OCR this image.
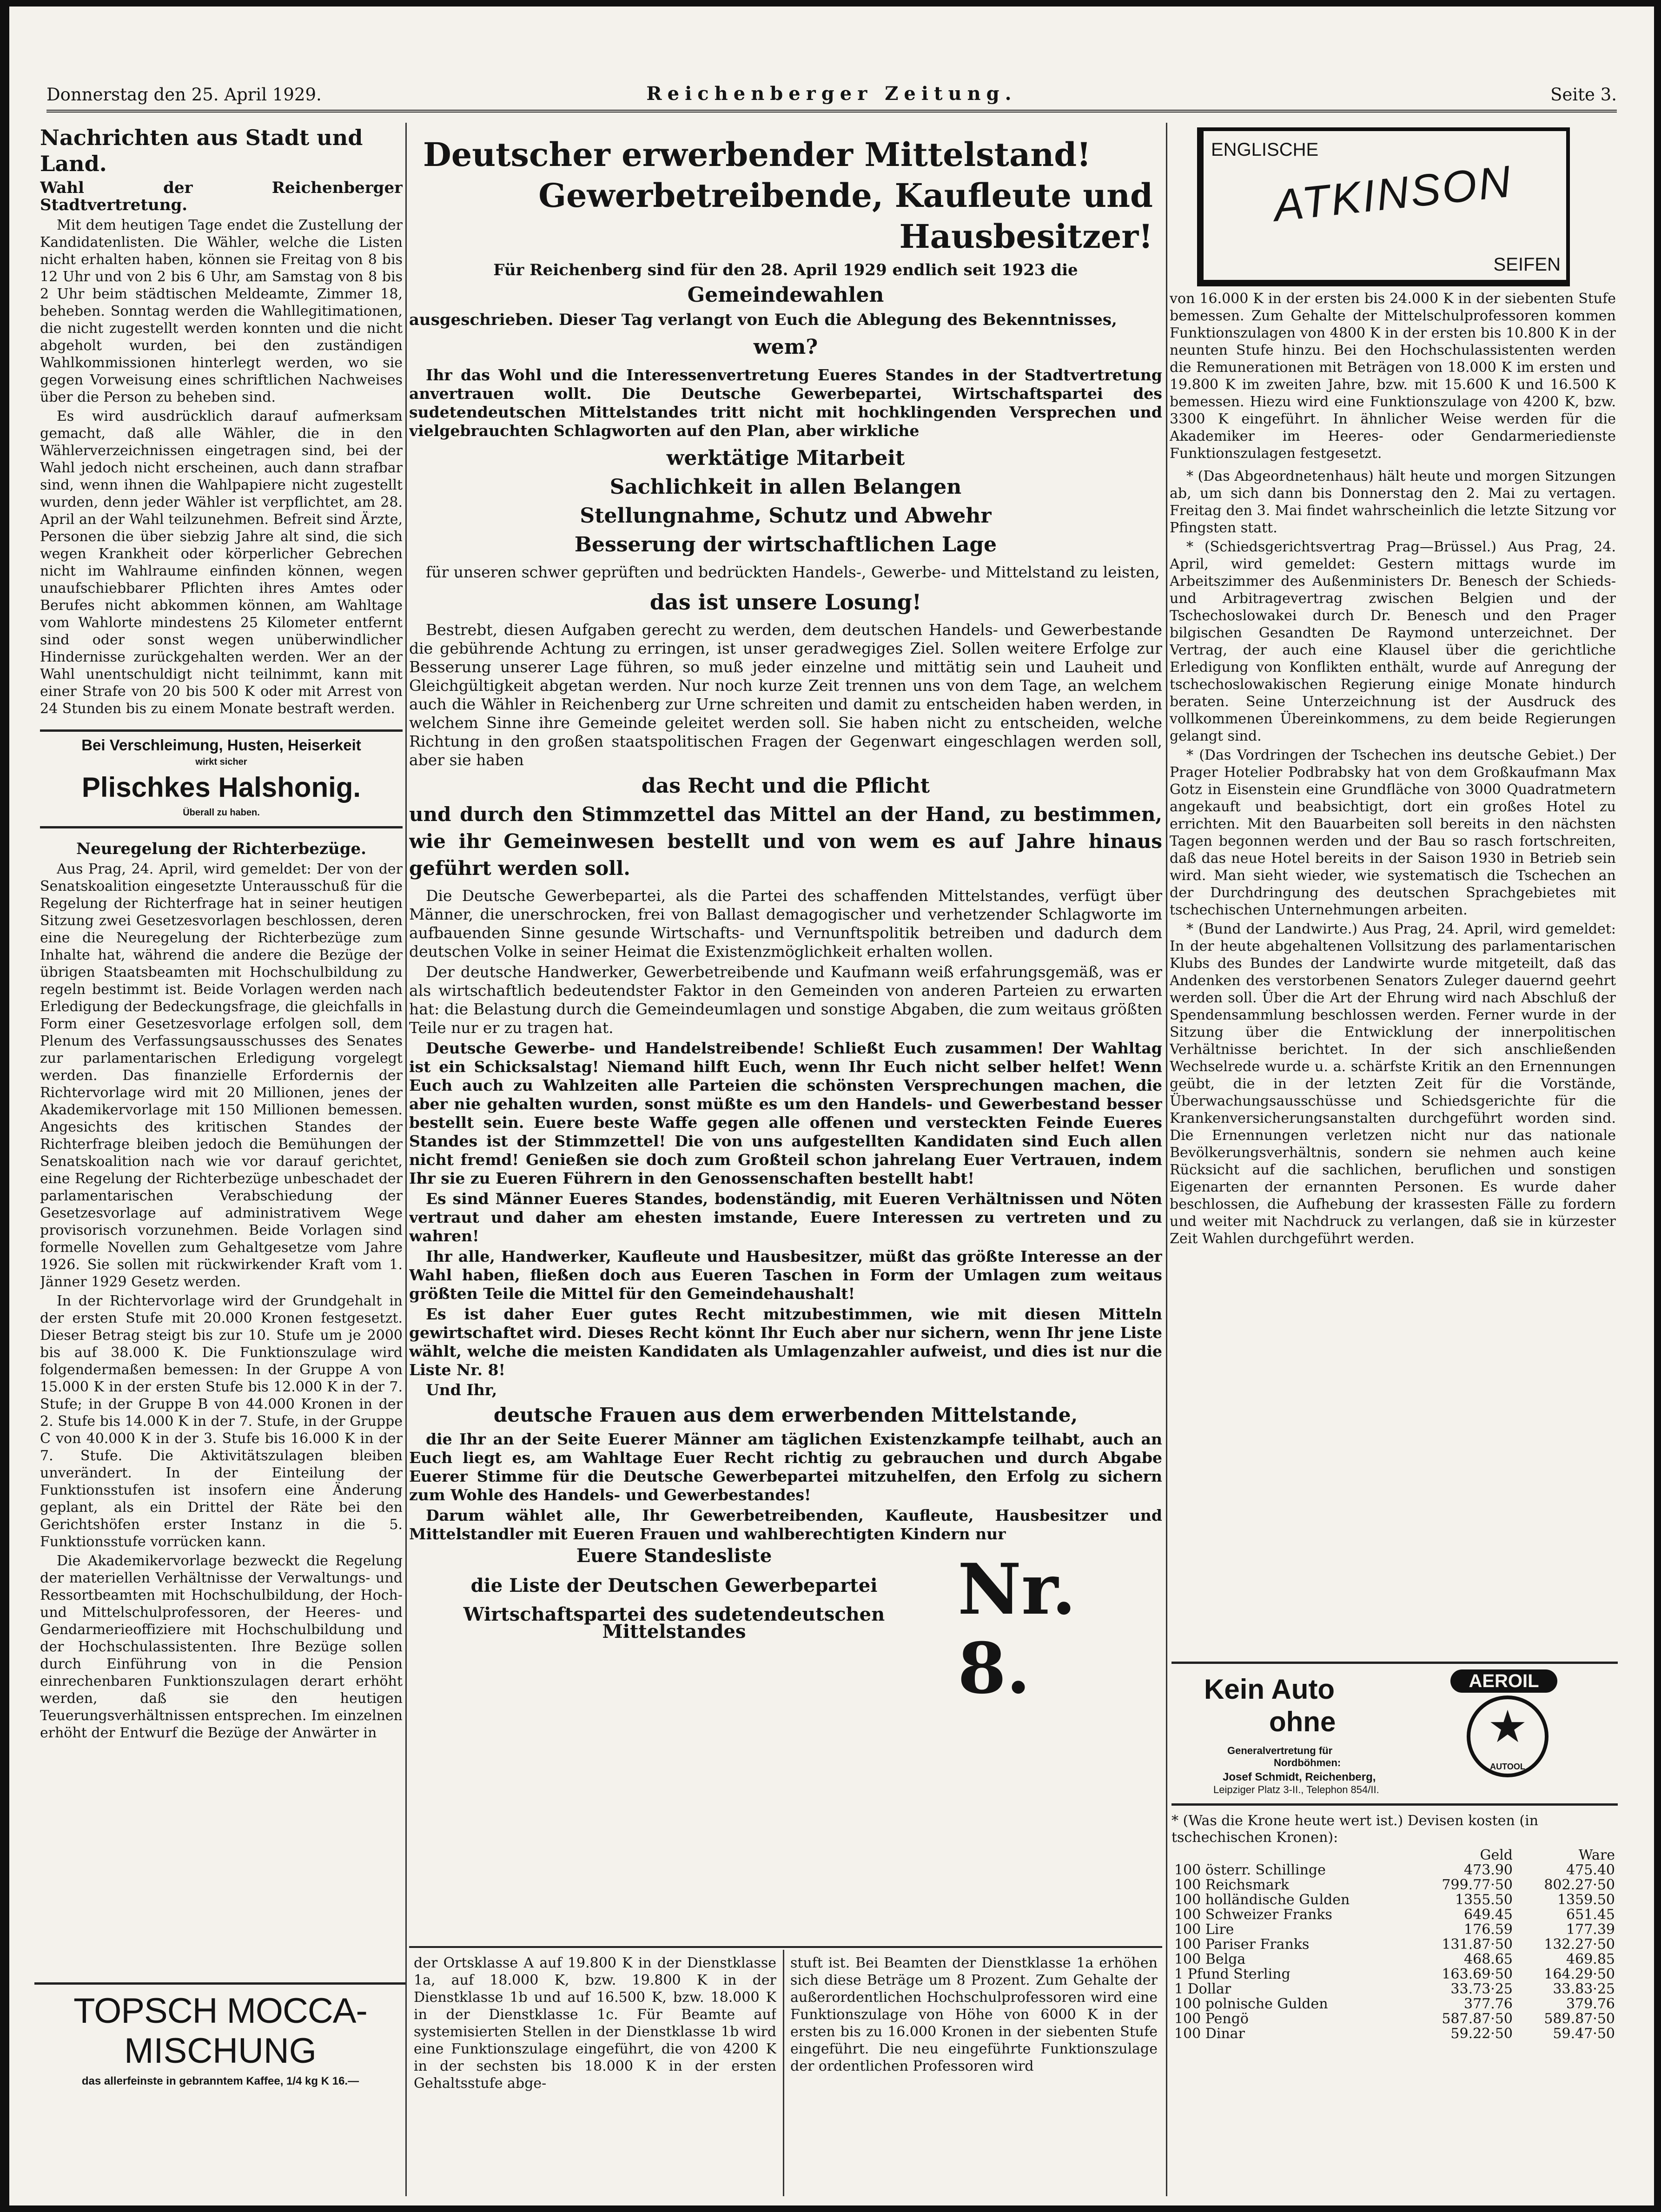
Donnerstag den 25. April 1929.	Reichenberger Zeitung.	Seite 3.
Nachrichten aus Stadt und Land.
Wahl der Reichenberger Stadtvertretung.

Mit dem heutigen Tage endet die Zustellung der Kandidatenlisten. Die Wähler, welche die Listen nicht erhalten haben, können sie Freitag von 8 bis 12 Uhr und von 2 bis 6 Uhr, am Samstag von 8 bis 2 Uhr beim städtischen Meldeamte, Zimmer 18, beheben. Sonntag werden die Wahllegitimationen, die nicht zugestellt werden konnten und die nicht abgeholt wurden, bei den zuständigen Wahlkommissionen hinterlegt werden, wo sie gegen Vorweisung eines schriftlichen Nachweises über die Person zu beheben sind.

Es wird ausdrücklich darauf aufmerksam gemacht, daß alle Wähler, die in den Wählerverzeichnissen eingetragen sind, bei der Wahl jedoch nicht erscheinen, auch dann strafbar sind, wenn ihnen die Wahlpapiere nicht zugestellt wurden, denn jeder Wähler ist verpflichtet, am 28. April an der Wahl teilzunehmen. Befreit sind Ärzte, Personen die über siebzig Jahre alt sind, die sich wegen Krankheit oder körperlicher Gebrechen nicht im Wahlraume einfinden können, wegen unaufschiebbarer Pflichten ihres Amtes oder Berufes nicht abkommen können, am Wahltage vom Wahlorte mindestens 25 Kilometer entfernt sind oder sonst wegen unüberwindlicher Hindernisse zurückgehalten werden. Wer an der Wahl unentschuldigt nicht teilnimmt, kann mit einer Strafe von 20 bis 500 K oder mit Arrest von 24 Stunden bis zu einem Monate bestraft werden.

Bei Verschleimung, Husten, Heiserkeit
wirkt sicher
Plischkes Halshonig.
Überall zu haben.
Neuregelung der Richterbezüge.

Aus Prag, 24. April, wird gemeldet: Der von der Senatskoalition eingesetzte Unterausschuß für die Regelung der Richterfrage hat in seiner heutigen Sitzung zwei Gesetzesvorlagen beschlossen, deren eine die Neuregelung der Richterbezüge zum Inhalte hat, während die andere die Bezüge der übrigen Staatsbeamten mit Hochschulbildung zu regeln bestimmt ist. Beide Vorlagen werden nach Erledigung der Bedeckungsfrage, die gleichfalls in Form einer Gesetzesvorlage erfolgen soll, dem Plenum des Verfassungsausschusses des Senates zur parlamentarischen Erledigung vorgelegt werden. Das finanzielle Erfordernis der Richtervorlage wird mit 20 Millionen, jenes der Akademikervorlage mit 150 Millionen bemessen. Angesichts des kritischen Standes der Richterfrage bleiben jedoch die Bemühungen der Senatskoalition nach wie vor darauf gerichtet, eine Regelung der Richterbezüge unbeschadet der parlamentarischen Verabschiedung der Gesetzesvorlage auf administrativem Wege provisorisch vorzunehmen. Beide Vorlagen sind formelle Novellen zum Gehaltgesetze vom Jahre 1926. Sie sollen mit rückwirkender Kraft vom 1. Jänner 1929 Gesetz werden.

In der Richtervorlage wird der Grundgehalt in der ersten Stufe mit 20.000 Kronen festgesetzt. Dieser Betrag steigt bis zur 10. Stufe um je 2000 bis auf 38.000 K. Die Funktionszulage wird folgendermaßen bemessen: In der Gruppe A von 15.000 K in der ersten Stufe bis 12.000 K in der 7. Stufe; in der Gruppe B von 44.000 Kronen in der 2. Stufe bis 14.000 K in der 7. Stufe, in der Gruppe C von 40.000 K in der 3. Stufe bis 16.000 K in der 7. Stufe. Die Aktivitätszulagen bleiben unverändert. In der Einteilung der Funktionsstufen ist insofern eine Änderung geplant, als ein Drittel der Räte bei den Gerichtshöfen erster Instanz in die 5. Funktionsstufe vorrücken kann.

Die Akademikervorlage bezweckt die Regelung der materiellen Verhältnisse der Verwaltungs- und Ressortbeamten mit Hochschulbildung, der Hoch- und Mittelschulprofessoren, der Heeres- und Gendarmerieoffiziere mit Hochschulbildung und der Hochschulassistenten. Ihre Bezüge sollen durch Einführung von in die Pension einrechenbaren Funktionszulagen derart erhöht werden, daß sie den heutigen Teuerungsverhältnissen entsprechen. Im einzelnen erhöht der Entwurf die Bezüge der Anwärter in

TOPSCH MOCCA-
MISCHUNG
das allerfeinste in gebranntem Kaffee, 1/4 kg K 16.—
Deutscher erwerbender Mittelstand!
Gewerbetreibende, Kaufleute und Hausbesitzer!
Für Reichenberg sind für den 28. April 1929 endlich seit 1923 die
Gemeindewahlen
ausgeschrieben. Dieser Tag verlangt von Euch die Ablegung des Bekenntnisses,
wem?

Ihr das Wohl und die Interessenvertretung Eueres Standes in der Stadtvertretung anvertrauen wollt. Die Deutsche Gewerbepartei, Wirtschaftspartei des sudetendeutschen Mittelstandes tritt nicht mit hochklingenden Versprechen und vielgebrauchten Schlagworten auf den Plan, aber wirkliche

werktätige Mitarbeit
Sachlichkeit in allen Belangen
Stellungnahme, Schutz und Abwehr
Besserung der wirtschaftlichen Lage

für unseren schwer geprüften und bedrückten Handels-, Gewerbe- und Mittelstand zu leisten,

das ist unsere Losung!

Bestrebt, diesen Aufgaben gerecht zu werden, dem deutschen Handels- und Gewerbestande die gebührende Achtung zu erringen, ist unser geradwegiges Ziel. Sollen weitere Erfolge zur Besserung unserer Lage führen, so muß jeder einzelne und mittätig sein und Lauheit und Gleichgültigkeit abgetan werden. Nur noch kurze Zeit trennen uns von dem Tage, an welchem auch die Wähler in Reichenberg zur Urne schreiten und damit zu entscheiden haben werden, in welchem Sinne ihre Gemeinde geleitet werden soll. Sie haben nicht zu entscheiden, welche Richtung in den großen staatspolitischen Fragen der Gegenwart eingeschlagen werden soll, aber sie haben

das Recht und die Pflicht
und durch den Stimmzettel das Mittel an der Hand, zu bestimmen, wie ihr Gemeinwesen bestellt und von wem es auf Jahre hinaus geführt werden soll.

Die Deutsche Gewerbepartei, als die Partei des schaffenden Mittelstandes, verfügt über Männer, die unerschrocken, frei von Ballast demagogischer und verhetzender Schlagworte im aufbauenden Sinne gesunde Wirtschafts- und Vernunftspolitik betreiben und dadurch dem deutschen Volke in seiner Heimat die Existenzmöglichkeit erhalten wollen.

Der deutsche Handwerker, Gewerbetreibende und Kaufmann weiß erfahrungsgemäß, was er als wirtschaftlich bedeutendster Faktor in den Gemeinden von anderen Parteien zu erwarten hat: die Belastung durch die Gemeindeumlagen und sonstige Abgaben, die zum weitaus größten Teile nur er zu tragen hat.

Deutsche Gewerbe- und Handelstreibende! Schließt Euch zusammen! Der Wahltag ist ein Schicksalstag! Niemand hilft Euch, wenn Ihr Euch nicht selber helfet! Wenn Euch auch zu Wahlzeiten alle Parteien die schönsten Versprechungen machen, die aber nie gehalten wurden, sonst müßte es um den Handels- und Gewerbestand besser bestellt sein. Euere beste Waffe gegen alle offenen und versteckten Feinde Eueres Standes ist der Stimmzettel! Die von uns aufgestellten Kandidaten sind Euch allen nicht fremd! Genießen sie doch zum Großteil schon jahrelang Euer Vertrauen, indem Ihr sie zu Eueren Führern in den Genossenschaften bestellt habt!

Es sind Männer Eueres Standes, bodenständig, mit Eueren Verhältnissen und Nöten vertraut und daher am ehesten imstande, Euere Interessen zu vertreten und zu wahren!

Ihr alle, Handwerker, Kaufleute und Hausbesitzer, müßt das größte Interesse an der Wahl haben, fließen doch aus Eueren Taschen in Form der Umlagen zum weitaus größten Teile die Mittel für den Gemeindehaushalt!

Es ist daher Euer gutes Recht mitzubestimmen, wie mit diesen Mitteln gewirtschaftet wird. Dieses Recht könnt Ihr Euch aber nur sichern, wenn Ihr jene Liste wählt, welche die meisten Kandidaten als Umlagenzahler aufweist, und dies ist nur die Liste Nr. 8!

Und Ihr,

deutsche Frauen aus dem erwerbenden Mittelstande,

die Ihr an der Seite Euerer Männer am täglichen Existenzkampfe teilhabt, auch an Euch liegt es, am Wahltage Euer Recht richtig zu gebrauchen und durch Abgabe Euerer Stimme für die Deutsche Gewerbepartei mitzuhelfen, den Erfolg zu sichern zum Wohle des Handels- und Gewerbestandes!

Darum wählet alle, Ihr Gewerbetreibenden, Kaufleute, Hausbesitzer und Mittelstandler mit Eueren Frauen und wahlberechtigten Kindern nur

Euere Standesliste
die Liste der Deutschen Gewerbepartei
Wirtschaftspartei des sudetendeutschen Mittelstandes
Nr. 8.
der Ortsklasse A auf 19.800 K in der Dienstklasse 1a, auf 18.000 K, bzw. 19.800 K in der Dienstklasse 1b und auf 16.500 K, bzw. 18.000 K in der Dienstklasse 1c. Für Beamte auf systemisierten Stellen in der Dienstklasse 1b wird eine Funktionszulage eingeführt, die von 4200 K in der sechsten bis 18.000 K in der ersten Gehaltsstufe abge-
stuft ist. Bei Beamten der Dienstklasse 1a erhöhen sich diese Beträge um 8 Prozent. Zum Gehalte der außerordentlichen Hochschulprofessoren wird eine Funktionszulage von Höhe von 6000 K in der ersten bis zu 16.000 Kronen in der siebenten Stufe eingeführt. Die neu eingeführte Funktionszulage der ordentlichen Professoren wird
ENGLISCHE
ATKINSON
SEIFEN

von 16.000 K in der ersten bis 24.000 K in der siebenten Stufe bemessen. Zum Gehalte der Mittelschulprofessoren kommen Funktionszulagen von 4800 K in der ersten bis 10.800 K in der neunten Stufe hinzu. Bei den Hochschulassistenten werden die Remunerationen mit Beträgen von 18.000 K im ersten und 19.800 K im zweiten Jahre, bzw. mit 15.600 K und 16.500 K bemessen. Hiezu wird eine Funktionszulage von 4200 K, bzw. 3300 K eingeführt. In ähnlicher Weise werden für die Akademiker im Heeres- oder Gendarmeriedienste Funktionszulagen festgesetzt.

* (Das Abgeordnetenhaus) hält heute und morgen Sitzungen ab, um sich dann bis Donnerstag den 2. Mai zu vertagen. Freitag den 3. Mai findet wahrscheinlich die letzte Sitzung vor Pfingsten statt.

* (Schiedsgerichtsvertrag Prag—Brüssel.) Aus Prag, 24. April, wird gemeldet: Gestern mittags wurde im Arbeitszimmer des Außenministers Dr. Benesch der Schieds- und Arbitragevertrag zwischen Belgien und der Tschechoslowakei durch Dr. Benesch und den Prager bilgischen Gesandten De Raymond unterzeichnet. Der Vertrag, der auch eine Klausel über die gerichtliche Erledigung von Konflikten enthält, wurde auf Anregung der tschechoslowakischen Regierung einige Monate hindurch beraten. Seine Unterzeichnung ist der Ausdruck des vollkommenen Übereinkommens, zu dem beide Regierungen gelangt sind.

* (Das Vordringen der Tschechen ins deutsche Gebiet.) Der Prager Hotelier Podbrabsky hat von dem Großkaufmann Max Gotz in Eisenstein eine Grundfläche von 3000 Quadratmetern angekauft und beabsichtigt, dort ein großes Hotel zu errichten. Mit den Bauarbeiten soll bereits in den nächsten Tagen begonnen werden und der Bau so rasch fortschreiten, daß das neue Hotel bereits in der Saison 1930 in Betrieb sein wird. Man sieht wieder, wie systematisch die Tschechen an der Durchdringung des deutschen Sprachgebietes mit tschechischen Unternehmungen arbeiten.

* (Bund der Landwirte.) Aus Prag, 24. April, wird gemeldet: In der heute abgehaltenen Vollsitzung des parlamentarischen Klubs des Bundes der Landwirte wurde mitgeteilt, daß das Andenken des verstorbenen Senators Zuleger dauernd geehrt werden soll. Über die Art der Ehrung wird nach Abschluß der Spendensammlung beschlossen werden. Ferner wurde in der Sitzung über die Entwicklung der innerpolitischen Verhältnisse berichtet. In der sich anschließenden Wechselrede wurde u. a. schärfste Kritik an den Ernennungen geübt, die in der letzten Zeit für die Vorstände, Überwachungsausschüsse und Schiedsgerichte für die Krankenversicherungsanstalten durchgeführt worden sind. Die Ernennungen verletzen nicht nur das nationale Bevölkerungsverhältnis, sondern sie nehmen auch keine Rücksicht auf die sachlichen, beruflichen und sonstigen Eigenarten der ernannten Personen. Es wurde daher beschlossen, die Aufhebung der krassesten Fälle zu fordern und weiter mit Nachdruck zu verlangen, daß sie in kürzester Zeit Wahlen durchgeführt werden.

Kein Auto
ohne
AEROIL
★
AUTOOL
Generalvertretung für
Nordböhmen:
Josef Schmidt, Reichenberg,
Leipziger Platz 3-II., Telephon 854/II.
* (Was die Krone heute wert ist.) Devisen kosten (in tschechischen Kronen):
	Geld	Ware
100 österr. Schillinge	473.90	475.40
100 Reichsmark	799.77·50	802.27·50
100 holländische Gulden	1355.50	1359.50
100 Schweizer Franks	649.45	651.45
100 Lire	176.59	177.39
100 Pariser Franks	131.87·50	132.27·50
100 Belga	468.65	469.85
1 Pfund Sterling	163.69·50	164.29·50
1 Dollar	33.73·25	33.83·25
100 polnische Gulden	377.76	379.76
100 Pengö	587.87·50	589.87·50
100 Dinar	59.22·50	59.47·50
